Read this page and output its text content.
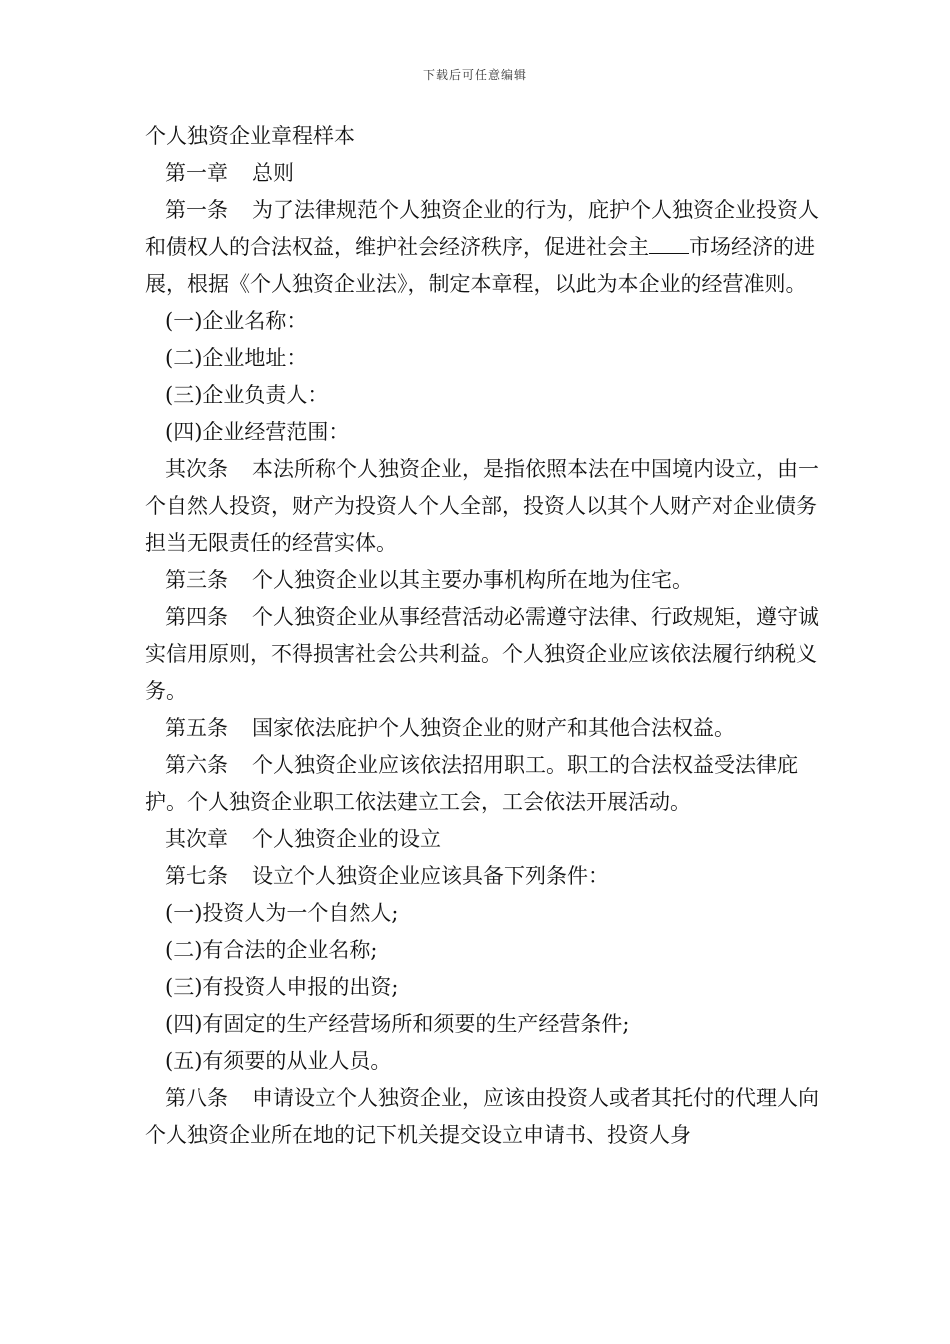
下载后可任意编辑

个人独资企业章程样本

第一章 总则

第一条 为了法律规范个人独资企业的行为，庇护个人独资企业投资人和债权人的合法权益，维护社会经济秩序，促进社会主 市场经济的进展，根据《个人独资企业法》，制定本章程，以此为本企业的经营准则。

(一)企业名称：

(二)企业地址：

(三)企业负责人：

(四)企业经营范围：

其次条 本法所称个人独资企业，是指依照本法在中国境内设立，由一个自然人投资，财产为投资人个人全部，投资人以其个人财产对企业债务担当无限责任的经营实体。

第三条 个人独资企业以其主要办事机构所在地为住宅。

第四条 个人独资企业从事经营活动必需遵守法律、行政规矩，遵守诚实信用原则，不得损害社会公共利益。个人独资企业应该依法履行纳税义务。

第五条 国家依法庇护个人独资企业的财产和其他合法权益。

第六条 个人独资企业应该依法招用职工。职工的合法权益受法律庇护。个人独资企业职工依法建立工会，工会依法开展活动。

其次章 个人独资企业的设立

第七条 设立个人独资企业应该具备下列条件：

(一)投资人为一个自然人;

(二)有合法的企业名称;

(三)有投资人申报的出资;

(四)有固定的生产经营场所和须要的生产经营条件;

(五)有须要的从业人员。

第八条 申请设立个人独资企业，应该由投资人或者其托付的代理人向个人独资企业所在地的记下机关提交设立申请书、投资人身
